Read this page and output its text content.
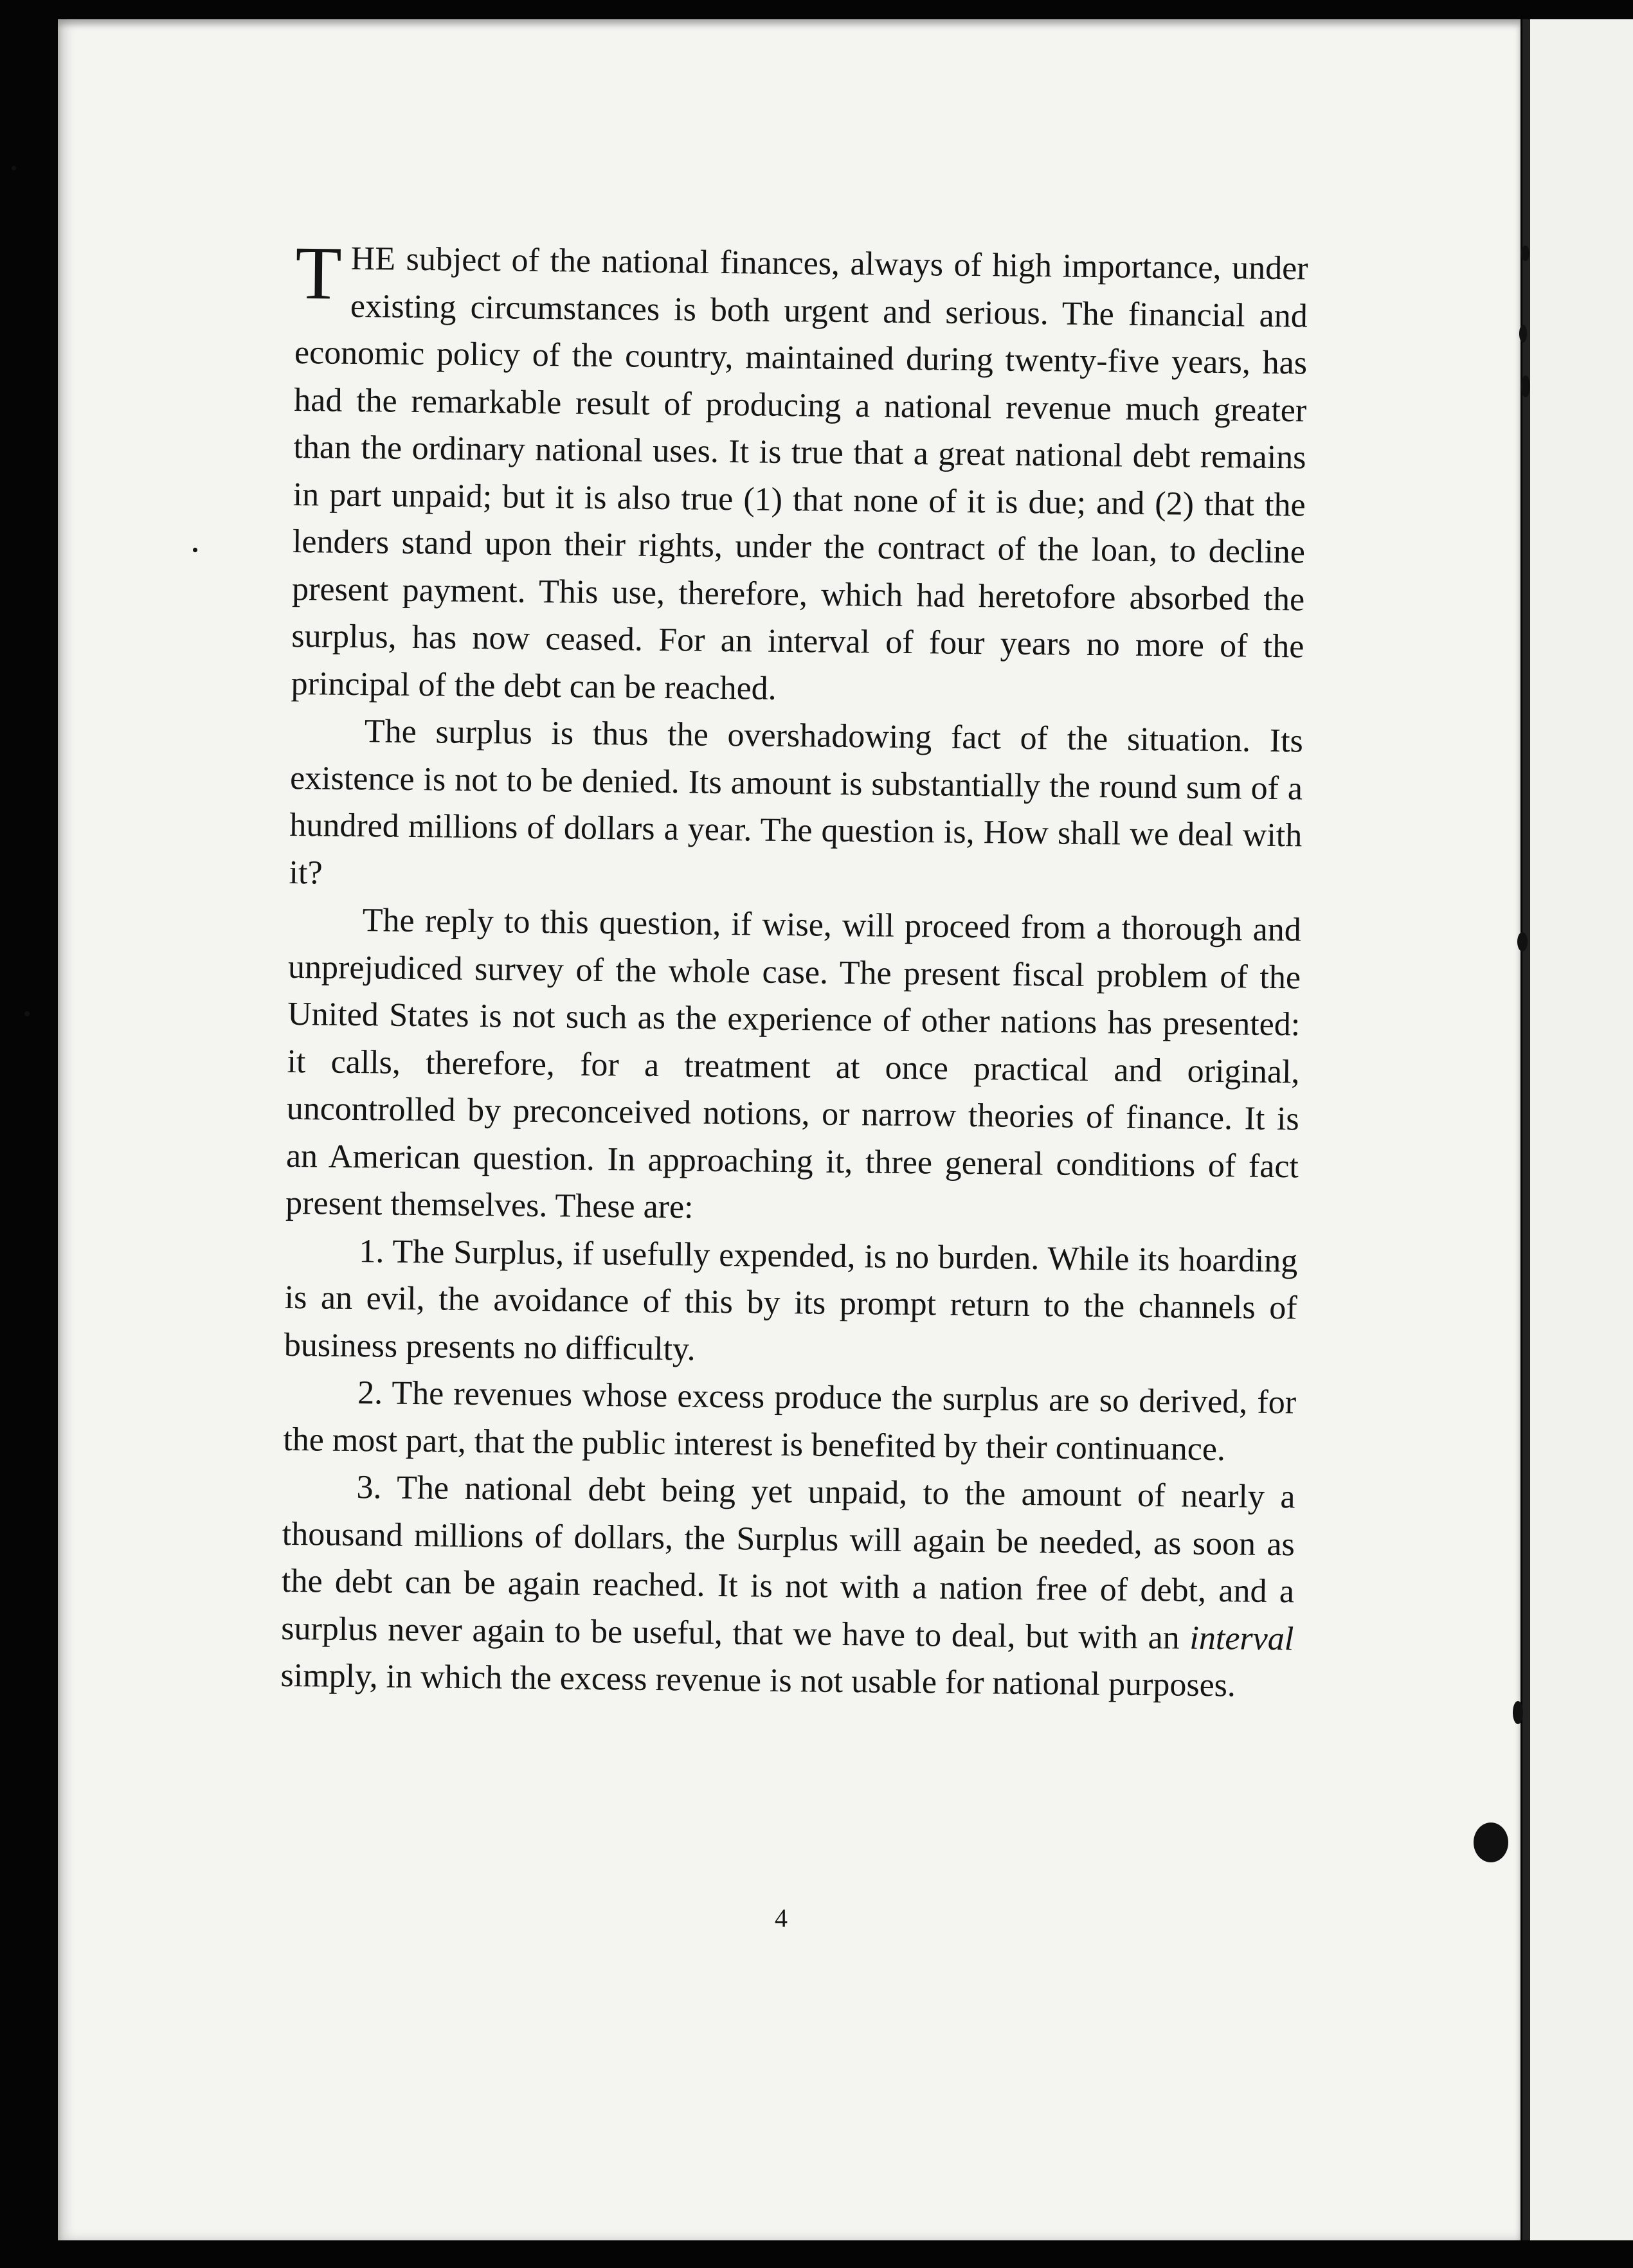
T HE subject of the national finances, always of high importance, under existing circumstances is both urgent and serious. The financial and economic policy of the country, maintained during twenty-five years, has had the remarkable result of producing a national revenue much greater than the ordinary national uses. It is true that a great national debt remains in part unpaid; but it is also true (1) that none of it is due; and (2) that the lenders stand upon their rights, under the contract of the loan, to decline present payment. This use, therefore, which had heretofore absorbed the surplus, has now ceased. For an interval of four years no more of the principal of the debt can be reached.

The surplus is thus the overshadowing fact of the situation. Its existence is not to be denied. Its amount is substantially the round sum of a hundred millions of dollars a year. The question is, How shall we deal with it?

The reply to this question, if wise, will proceed from a thorough and unprejudiced survey of the whole case. The present fiscal problem of the United States is not such as the experience of other nations has presented: it calls, therefore, for a treatment at once practical and original, uncontrolled by preconceived notions, or narrow theories of finance. It is an American question. In approaching it, three general conditions of fact present themselves. These are:

1. The Surplus, if usefully expended, is no burden. While its hoarding is an evil, the avoidance of this by its prompt return to the channels of business presents no difficulty.

2. The revenues whose excess produce the surplus are so derived, for the most part, that the public interest is benefited by their continuance.

3. The national debt being yet unpaid, to the amount of nearly a thousand millions of dollars, the Surplus will again be needed, as soon as the debt can be again reached. It is not with a nation free of debt, and a surplus never again to be useful, that we have to deal, but with an interval simply, in which the excess revenue is not usable for national purposes.

4
